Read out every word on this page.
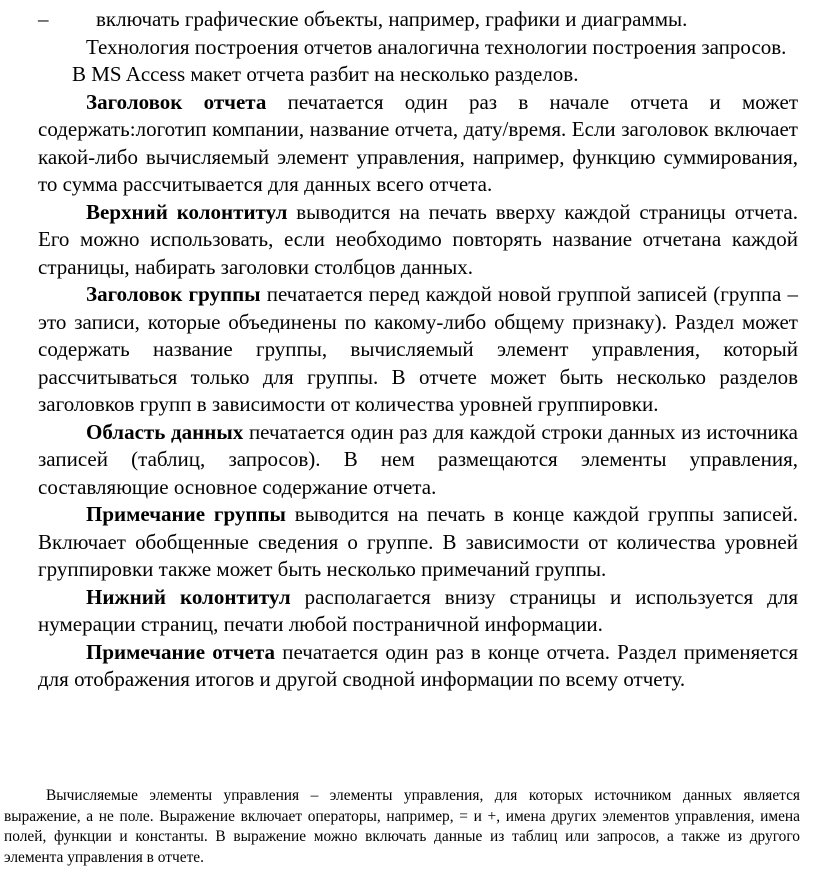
– включать графические объекты, например, графики и диаграммы.

Технология построения отчетов аналогична технологии построения запросов.

В MS Access макет отчета разбит на несколько разделов.

Заголовок отчета печатается один раз в начале отчета и может содержать:логотип компании, название отчета, дату/время. Если заголовок включает какой-либо вычисляемый элемент управления, например, функцию суммирования, то сумма рассчитывается для данных всего отчета.

Верхний колонтитул выводится на печать вверху каждой страницы отчета. Его можно использовать, если необходимо повторять название отчетана каждой страницы, набирать заголовки столбцов данных.

Заголовок группы печатается перед каждой новой группой записей (группа – это записи, которые объединены по какому-либо общему признаку). Раздел может содержать название группы, вычисляемый элемент управления, который рассчитываться только для группы. В отчете может быть несколько разделов заголовков групп в зависимости от количества уровней группировки.

Область данных печатается один раз для каждой строки данных из источника записей (таблиц, запросов). В нем размещаются элементы управления, составляющие основное содержание отчета.

Примечание группы выводится на печать в конце каждой группы записей. Включает обобщенные сведения о группе. В зависимости от количества уровней группировки также может быть несколько примечаний группы.

Нижний колонтитул располагается внизу страницы и используется для нумерации страниц, печати любой постраничной информации.

Примечание отчета печатается один раз в конце отчета. Раздел применяется для отображения итогов и другой сводной информации по всему отчету.

Вычисляемые элементы управления – элементы управления, для которых источником данных является выражение, а не поле. Выражение включает операторы, например, = и +, имена других элементов управления, имена полей, функции и константы. В выражение можно включать данные из таблиц или запросов, а также из другого элемента управления в отчете.
